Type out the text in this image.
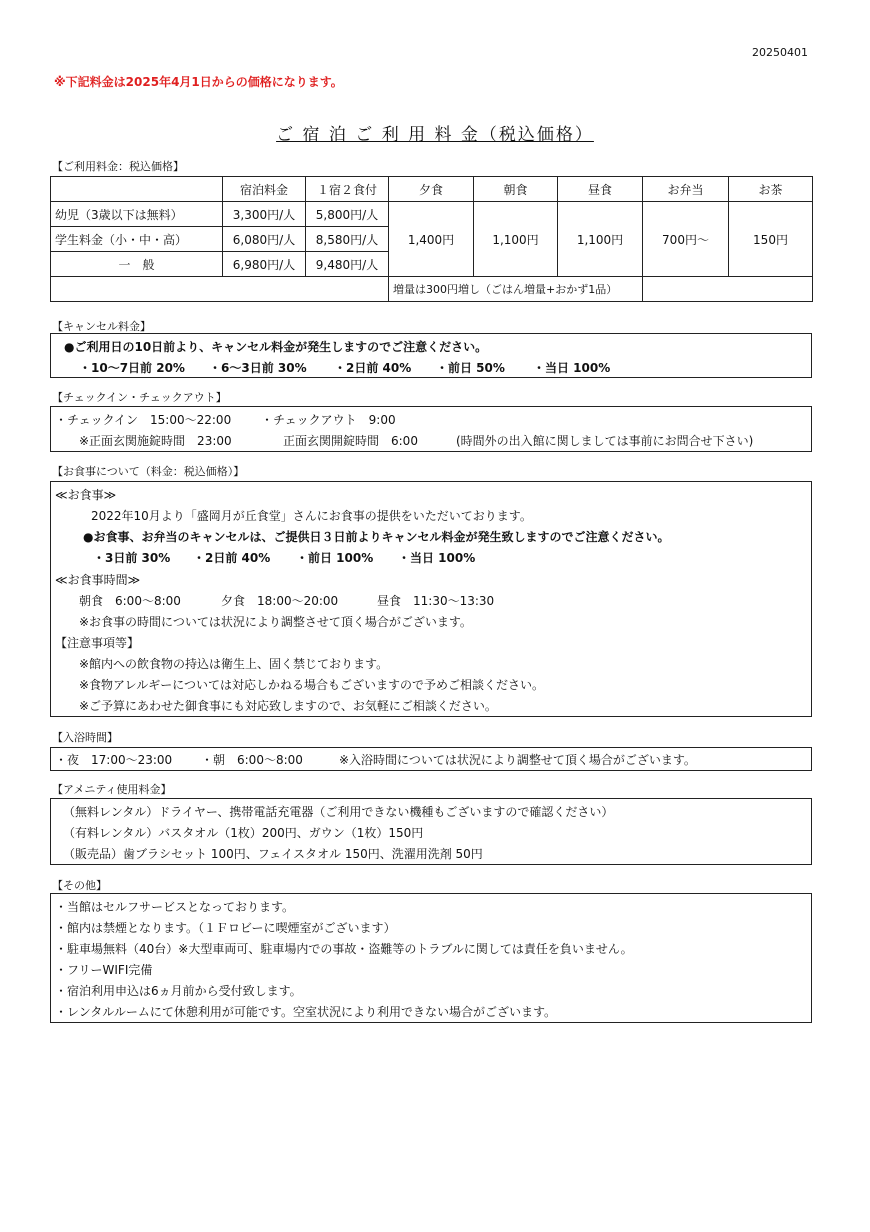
20250401
※下記料金は2025年4月1日からの価格になります。
ご 宿 泊 ご 利 用 料 金（税込価格）
【ご利用料金：税込価格】
	宿泊料金	１宿２食付	夕食	朝食	昼食	お弁当	お茶
幼児（3歳以下は無料）	3,300円/人	5,800円/人	1,400円	1,100円	1,100円	700円～	150円
学生料金（小・中・高）	6,080円/人	8,580円/人					
一　般	6,980円/人	9,480円/人					
			増量は300円増し（ごはん増量+おかず1品）				
【キャンセル料金】
●ご利用日の10日前より、キャンセル料金が発生しますのでご注意ください。
・10～7日前 20% ・6～3日前 30% ・2日前 40% ・前日 50% ・当日 100%
【チェックイン・チェックアウト】
・チェックイン　15:00～22:00 ・チェックアウト　9:00
※正面玄関施錠時間　23:00	正面玄関開錠時間　6:00	(時間外の出入館に関しましては事前にお問合せ下さい)
【お食事について（料金：税込価格）】
≪お食事≫
2022年10月より「盛岡月が丘食堂」さんにお食事の提供をいただいております。
●お食事、お弁当のキャンセルは、ご提供日３日前よりキャンセル料金が発生致しますのでご注意ください。
・3日前 30% ・2日前 40% ・前日 100% ・当日 100%
≪お食事時間≫
朝食　6:00～8:00	夕食　18:00～20:00	昼食　11:30～13:30
※お食事の時間については状況により調整させて頂く場合がございます。
【注意事項等】
※館内への飲食物の持込は衛生上、固く禁じております。
※食物アレルギーについては対応しかねる場合もございますので予めご相談ください。
※ご予算にあわせた御食事にも対応致しますので、お気軽にご相談ください。
【入浴時間】
・夜　17:00～23:00 ・朝　6:00～8:00	※入浴時間については状況により調整せて頂く場合がございます。
【アメニティ使用料金】
（無料レンタル）ドライヤー、携帯電話充電器（ご利用できない機種もございますので確認ください）
（有料レンタル）バスタオル（1枚）200円、ガウン（1枚）150円
（販売品）歯ブラシセット 100円、フェイスタオル 150円、洗濯用洗剤 50円
【その他】
・当館はセルフサービスとなっております。
・館内は禁煙となります。（１Ｆロビーに喫煙室がございます）
・駐車場無料（40台）※大型車両可、駐車場内での事故・盗難等のトラブルに関しては責任を負いません。
・フリーWIFI完備
・宿泊利用申込は6ヵ月前から受付致します。
・レンタルルームにて休憩利用が可能です。空室状況により利用できない場合がございます。
